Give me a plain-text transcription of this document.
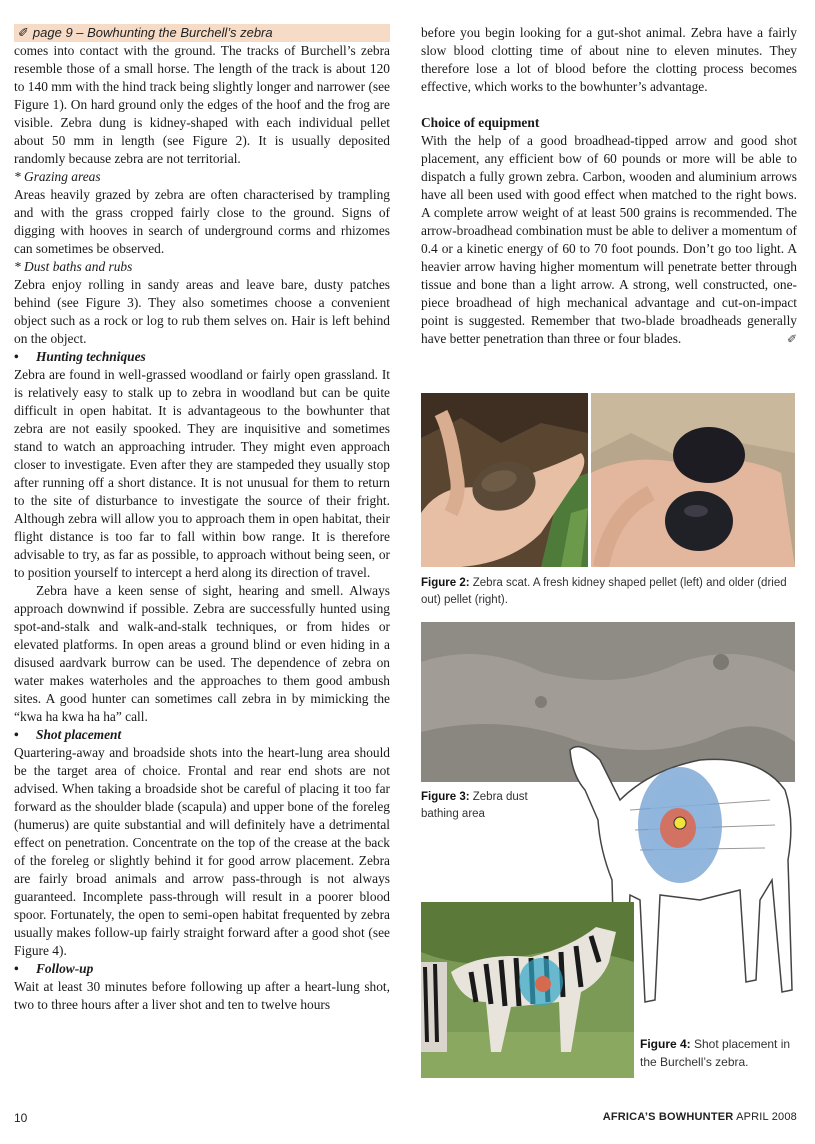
✐ page 9 – Bowhunting the Burchell’s zebra

comes into contact with the ground. The tracks of Burchell’s zebra resemble those of a small horse. The length of the track is about 120 to 140 mm with the hind track being slightly longer and narrower (see Figure 1). On hard ground only the edges of the hoof and the frog are visible. Zebra dung is kidney-shaped with each individual pellet about 50 mm in length (see Figure 2). It is usually deposited randomly because zebra are not territorial.

* Grazing areas

Areas heavily grazed by zebra are often characterised by trampling and with the grass cropped fairly close to the ground. Signs of digging with hooves in search of underground corms and rhizomes can sometimes be observed.

* Dust baths and rubs

Zebra enjoy rolling in sandy areas and leave bare, dusty patches behind (see Figure 3). They also sometimes choose a convenient object such as a rock or log to rub them selves on. Hair is left behind on the object.

• Hunting techniques

Zebra are found in well-grassed woodland or fairly open grassland. It is relatively easy to stalk up to zebra in woodland but can be quite difficult in open habitat. It is advantageous to the bowhunter that zebra are not easily spooked. They are inquisitive and sometimes stand to watch an approaching intruder. They might even approach closer to investigate. Even after they are stampeded they usually stop after running off a short distance. It is not unusual for them to return to the site of disturbance to investigate the source of their fright. Although zebra will allow you to approach them in open habitat, their flight distance is too far to fall within bow range. It is therefore advisable to try, as far as possible, to approach without being seen, or to position yourself to intercept a herd along its direction of travel.

Zebra have a keen sense of sight, hearing and smell. Always approach downwind if possible. Zebra are successfully hunted using spot-and-stalk and walk-and-stalk techniques, or from hides or elevated platforms. In open areas a ground blind or even hiding in a disused aardvark burrow can be used. The dependence of zebra on water makes waterholes and the approaches to them good ambush sites. A good hunter can sometimes call zebra in by mimicking the “kwa ha kwa ha ha” call.

• Shot placement

Quartering-away and broadside shots into the heart-lung area should be the target area of choice. Frontal and rear end shots are not advised. When taking a broadside shot be careful of placing it too far forward as the shoulder blade (scapula) and upper bone of the foreleg (humerus) are quite substantial and will definitely have a detrimental effect on penetration. Concentrate on the top of the crease at the back of the foreleg or slightly behind it for good arrow placement. Zebra are fairly broad animals and arrow pass-through is not always guaranteed. Incomplete pass-through will result in a poorer blood spoor. Fortunately, the open to semi-open habitat frequented by zebra usually makes follow-up fairly straight forward after a good shot (see Figure 4).

• Follow-up

Wait at least 30 minutes before following up after a heart-lung shot, two to three hours after a liver shot and ten to twelve hours

before you begin looking for a gut-shot animal. Zebra have a fairly slow blood clotting time of about nine to eleven minutes. They therefore lose a lot of blood before the clotting process becomes effective, which works to the bowhunter’s advantage.

Choice of equipment

With the help of a good broadhead-tipped arrow and good shot placement, any efficient bow of 60 pounds or more will be able to dispatch a fully grown zebra. Carbon, wooden and aluminium arrows have all been used with good effect when matched to the right bows. A complete arrow weight of at least 500 grains is recommended. The arrow-broadhead combination must be able to deliver a momentum of 0.4 or a kinetic energy of 60 to 70 foot pounds. Don’t go too light. A heavier arrow having higher momentum will penetrate better through tissue and bone than a light arrow. A strong, well constructed, one-piece broadhead of high mechanical advantage and cut-on-impact point is suggested. Remember that two-blade broadheads generally have better penetration than three or four blades.	✐

Figure 2: Zebra scat. A fresh kidney shaped pellet (left) and older (dried out) pellet (right).
Figure 3: Zebra dust bathing area
Figure 4: Shot placement in the Burchell’s zebra.
10	AFRICA’S BOWHUNTER APRIL 2008
